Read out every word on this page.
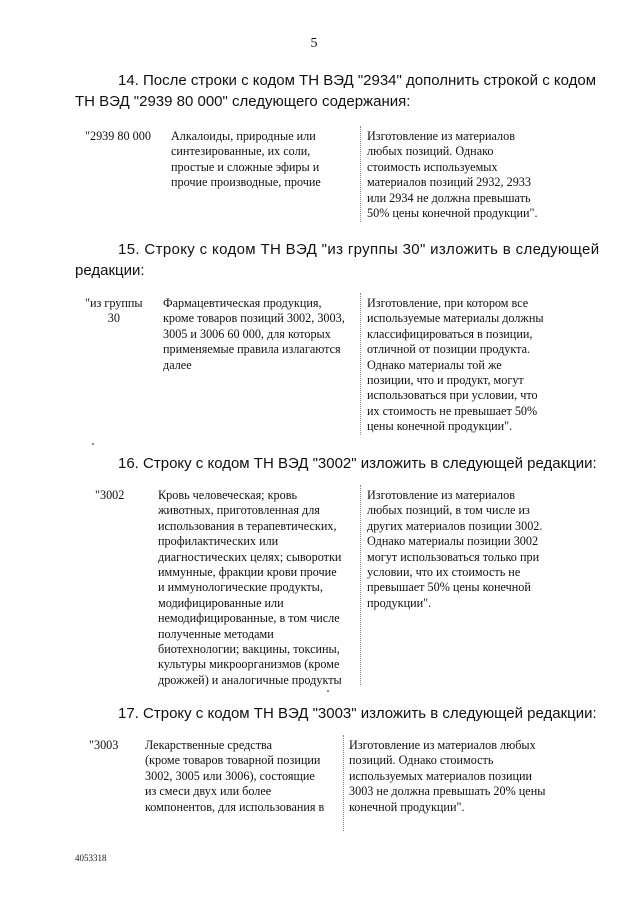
5
14. После строки с кодом ТН ВЭД "2934" дополнить строкой с кодом
ТН ВЭД "2939 80 000" следующего содержания:
"2939 80 000 Алкалоиды, природные или
синтезированные, их соли,
простые и сложные эфиры и
прочие производные, прочие
Изготовление из материалов
любых позиций. Однако
стоимость используемых
материалов позиций 2932, 2933
или 2934 не должна превышать
50% цены конечной продукции".
15. Строку с кодом ТН ВЭД "из группы 30" изложить в следующей
редакции:
"из группы
30
Фармацевтическая продукция,
кроме товаров позиций 3002, 3003,
3005 и 3006 60 000, для которых
применяемые правила излагаются
далее
Изготовление, при котором все
используемые материалы должны
классифицироваться в позиции,
отличной от позиции продукта.
Однако материалы той же
позиции, что и продукт, могут
использоваться при условии, что
их стоимость не превышает 50%
цены конечной продукции".
16. Строку с кодом ТН ВЭД "3002" изложить в следующей редакции:
"3002	Кровь человеческая; кровь
животных, приготовленная для
использования в терапевтических,
профилактических или
диагностических целях; сыворотки
иммунные, фракции крови прочие
и иммунологические продукты,
модифицированные или
немодифицированные, в том числе
полученные методами
биотехнологии; вакцины, токсины,
культуры микроорганизмов (кроме
дрожжей) и аналогичные продукты
Изготовление из материалов
любых позиций, в том числе из
других материалов позиции 3002.
Однако материалы позиции 3002
могут использоваться только при
условии, что их стоимость не
превышает 50% цены конечной
продукции".
17. Строку с кодом ТН ВЭД "3003" изложить в следующей редакции:
"3003 Лекарственные средства
(кроме товаров товарной позиции
3002, 3005 или 3006), состоящие
из смеси двух или более
компонентов, для использования в
Изготовление из материалов любых
позиций. Однако стоимость
используемых материалов позиции
3003 не должна превышать 20% цены
конечной продукции".
4053318
